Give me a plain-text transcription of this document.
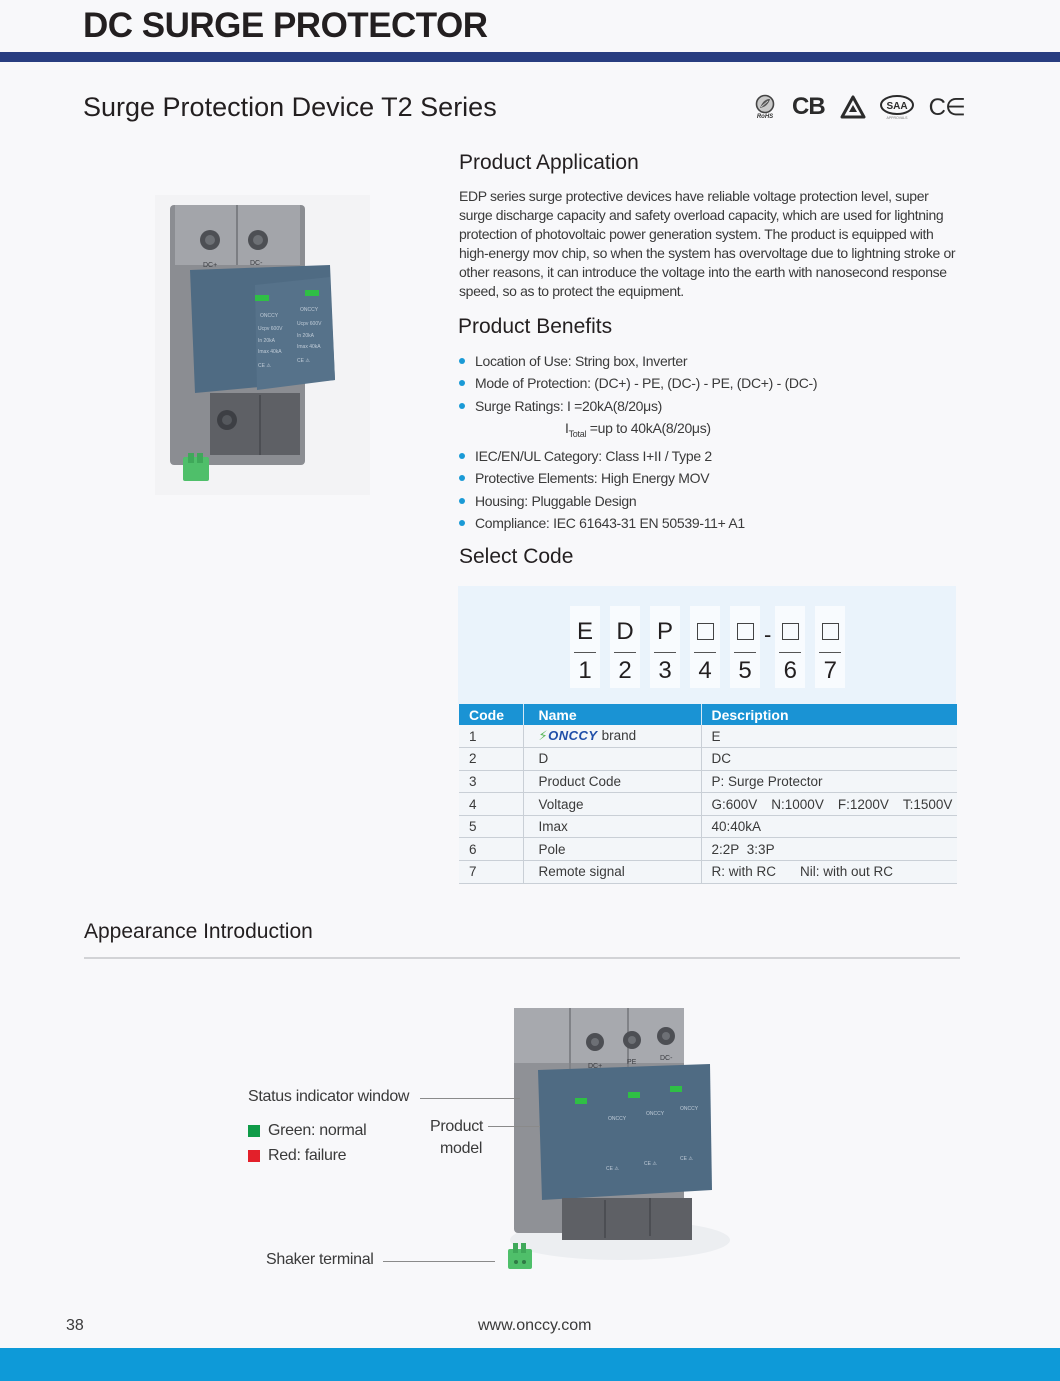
DC SURGE PROTECTOR
Surge Protection Device T2 Series	RoHS CB	SAA
APPROVALS C∈
DC+	DC-
ONCCY
ONCCY
Ucpv 600V
Ucpv 600V
In 20kA
In 20kA
Imax 40kA
Imax 40kA
CE ⚠
CE ⚠
Product Application
EDP series surge protective devices have reliable voltage protection level, super surge discharge capacity and safety overload capacity, which are used for lightning protection of photovoltaic power generation system. The product is equipped with high-energy mov chip, so when the system has overvoltage due to lightning stroke or other reasons, it can introduce the voltage into the earth with nanosecond response speed, so as to protect the equipment.
Product Benefits
Location of Use: String box, Inverter
Mode of Protection: (DC+) - PE, (DC-) - PE, (DC+) - (DC-)
Surge Ratings: I =20kA(8/20μs)
$I_{Total} =up$ to 40kA(8/20μs)
IEC/EN/UL Category: Class I+II / Type 2
Protective Elements: High Energy MOV
Housing: Pluggable Design
Compliance: IEC 61643-31 EN 50539-11+ A1
Select Code
E
1
D
2
P
3 4 5
-
6 7
Code	Name	Description
1	⚡ONCCY brand	E
2	D	DC
3	Product Code	P: Surge Protector
4	Voltage	G:600V N:1000V F:1200V T:1500V
5	Imax	40:40kA
6	Pole	2:2P 3:3P
7	Remote signal	R: with RC Nil: with out RC
Appearance Introduction
DC+
PE
DC-
ONCCY
ONCCY
ONCCY
CE ⚠
CE ⚠
CE ⚠
Status indicator window
Green: normal
Red: failure
Product
model
Shaker terminal
38	www.onccy.com
